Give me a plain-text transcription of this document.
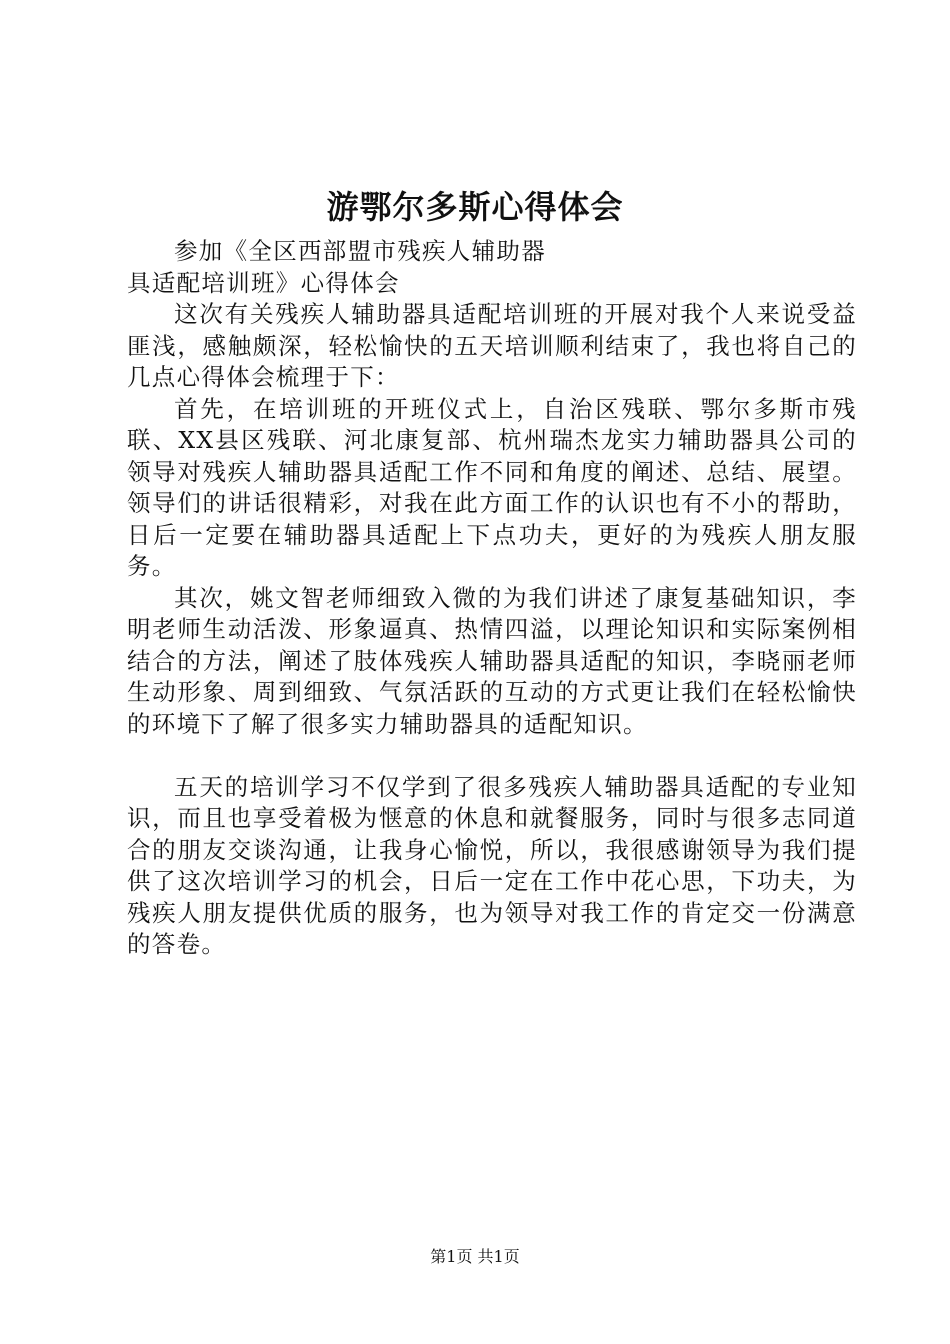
游鄂尔多斯心得体会

参加《全区西部盟市残疾人辅助器具适配培训班》心得体会

这次有关残疾人辅助器具适配培训班的开展对我个人来说受益匪浅，感触颇深，轻松愉快的五天培训顺利结束了，我也将自己的几点心得体会梳理于下：

首先，在培训班的开班仪式上，自治区残联、鄂尔多斯市残联、XX县区残联、河北康复部、杭州瑞杰龙实力辅助器具公司的领导对残疾人辅助器具适配工作不同和角度的阐述、总结、展望。领导们的讲话很精彩，对我在此方面工作的认识也有不小的帮助，日后一定要在辅助器具适配上下点功夫，更好的为残疾人朋友服务。

其次，姚文智老师细致入微的为我们讲述了康复基础知识，李明老师生动活泼、形象逼真、热情四溢，以理论知识和实际案例相结合的方法，阐述了肢体残疾人辅助器具适配的知识，李晓丽老师生动形象、周到细致、气氛活跃的互动的方式更让我们在轻松愉快的环境下了解了很多实力辅助器具的适配知识。

五天的培训学习不仅学到了很多残疾人辅助器具适配的专业知识，而且也享受着极为惬意的休息和就餐服务，同时与很多志同道合的朋友交谈沟通，让我身心愉悦，所以，我很感谢领导为我们提供了这次培训学习的机会，日后一定在工作中花心思，下功夫，为残疾人朋友提供优质的服务，也为领导对我工作的肯定交一份满意的答卷。

第1页 共1页
